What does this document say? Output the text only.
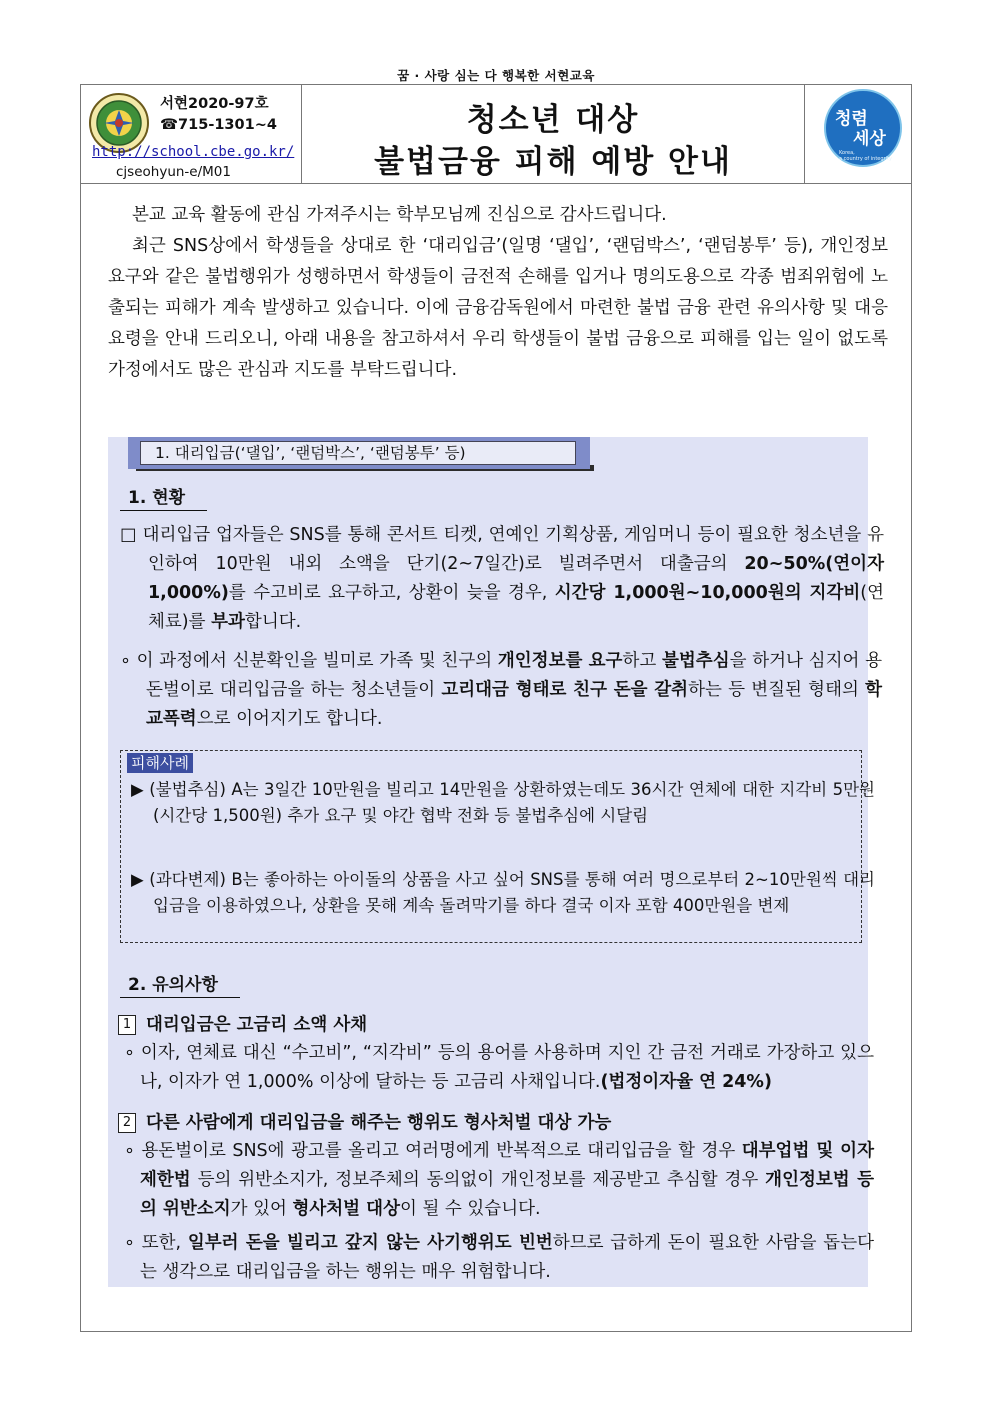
꿈 · 사랑 심는 다 행복한 서현교육
서현2020-97호
☎715-1301~4
http://school.cbe.go.kr/
cjseohyun-e/M01
청소년 대상
불법금융 피해 예방 안내
청렴
세상
Korea,
a country of integrity

본교 교육 활동에 관심 가져주시는 학부모님께 진심으로 감사드립니다.

최근 SNS상에서 학생들을 상대로 한 ‘대리입금’(일명 ‘댈입’, ‘랜덤박스’, ‘랜덤봉투’ 등), 개인정보 요구와 같은 불법행위가 성행하면서 학생들이 금전적 손해를 입거나 명의도용으로 각종 범죄위험에 노출되는 피해가 계속 발생하고 있습니다. 이에 금융감독원에서 마련한 불법 금융 관련 유의사항 및 대응 요령을 안내 드리오니, 아래 내용을 참고하셔서 우리 학생들이 불법 금융으로 피해를 입는 일이 없도록 가정에서도 많은 관심과 지도를 부탁드립니다.

1. 대리입금(‘댈입’, ‘랜덤박스’, ‘랜덤봉투’ 등)
1. 현황
□ 대리입금 업자들은 SNS를 통해 콘서트 티켓, 연예인 기획상품, 게임머니 등이 필요한 청소년을 유인하여 10만원 내외 소액을 단기(2~7일간)로 빌려주면서 대출금의 20~50%(연이자 1,000%)를 수고비로 요구하고, 상환이 늦을 경우, 시간당 1,000원~10,000원의 지각비(연체료)를 부과합니다.
∘ 이 과정에서 신분확인을 빌미로 가족 및 친구의 개인정보를 요구하고 불법추심을 하거나 심지어 용돈벌이로 대리입금을 하는 청소년들이 고리대금 형태로 친구 돈을 갈취하는 등 변질된 형태의 학교폭력으로 이어지기도 합니다.
피해사례
▶ (불법추심) A는 3일간 10만원을 빌리고 14만원을 상환하였는데도 36시간 연체에 대한 지각비 5만원(시간당 1,500원) 추가 요구 및 야간 협박 전화 등 불법추심에 시달림
▶ (과다변제) B는 좋아하는 아이돌의 상품을 사고 싶어 SNS를 통해 여러 명으로부터 2~10만원씩 대리입금을 이용하였으나, 상환을 못해 계속 돌려막기를 하다 결국 이자 포함 400만원을 변제
2. 유의사항
1 대리입금은 고금리 소액 사채
∘ 이자, 연체료 대신 “수고비”, “지각비” 등의 용어를 사용하며 지인 간 금전 거래로 가장하고 있으나, 이자가 연 1,000% 이상에 달하는 등 고금리 사채입니다.(법정이자율 연 24%)
2 다른 사람에게 대리입금을 해주는 행위도 형사처벌 대상 가능
∘ 용돈벌이로 SNS에 광고를 올리고 여러명에게 반복적으로 대리입금을 할 경우 대부업법 및 이자제한법 등의 위반소지가, 정보주체의 동의없이 개인정보를 제공받고 추심할 경우 개인정보법 등의 위반소지가 있어 형사처벌 대상이 될 수 있습니다.
∘ 또한, 일부러 돈을 빌리고 갚지 않는 사기행위도 빈번하므로 급하게 돈이 필요한 사람을 돕는다는 생각으로 대리입금을 하는 행위는 매우 위험합니다.
